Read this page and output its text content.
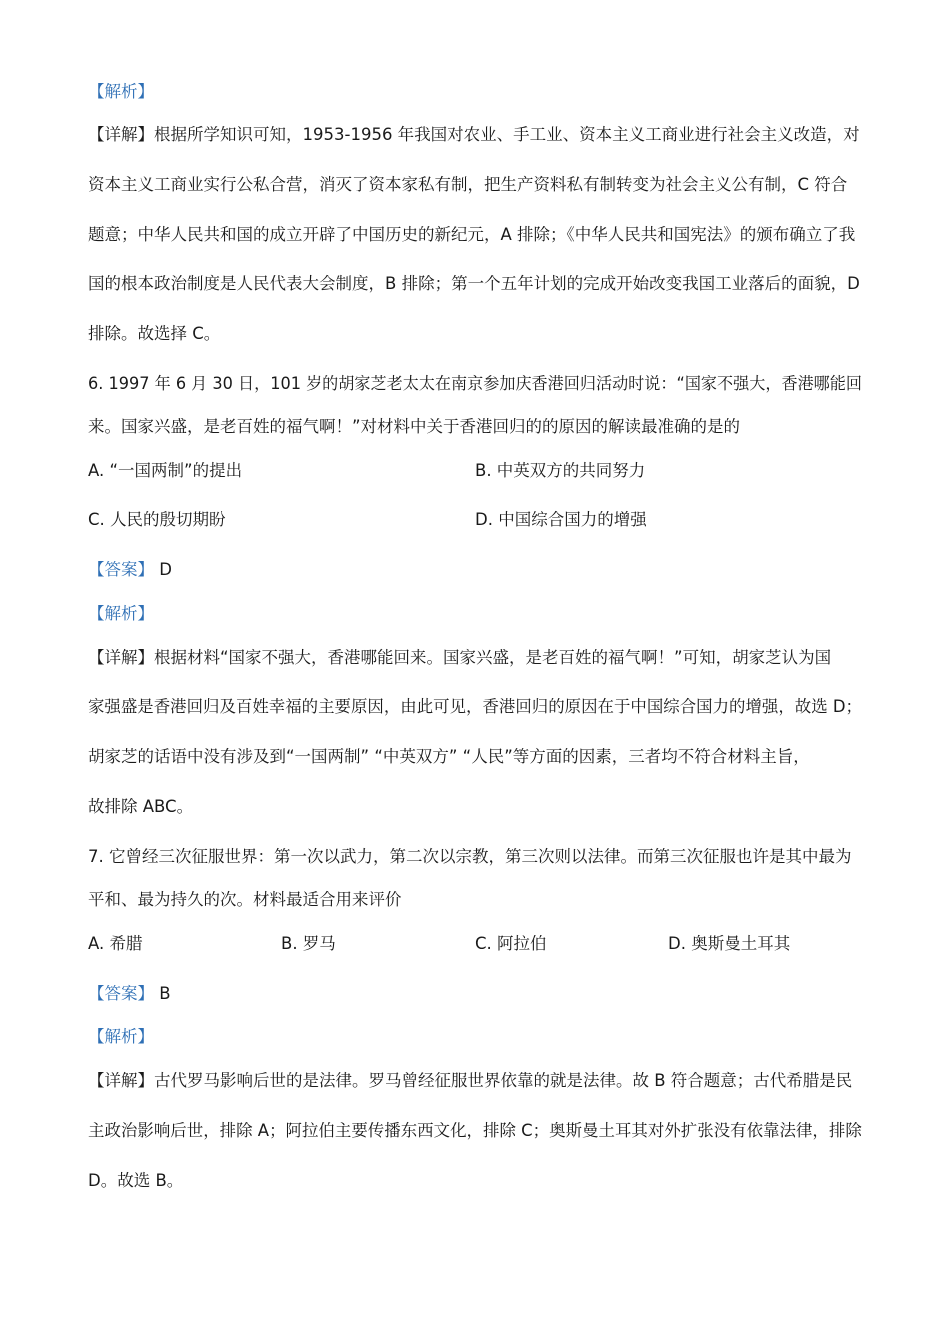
【解析】
【详解】根据所学知识可知，1953-1956 年我国对农业、手工业、资本主义工商业进行社会主义改造，对
资本主义工商业实行公私合营，消灭了资本家私有制，把生产资料私有制转变为社会主义公有制，C 符合
题意；中华人民共和国的成立开辟了中国历史的新纪元，A 排除；《中华人民共和国宪法》的颁布确立了我
国的根本政治制度是人民代表大会制度，B 排除；第一个五年计划的完成开始改变我国工业落后的面貌，D
排除。故选择 C。
6. 1997 年 6 月 30 日，101 岁的胡家芝老太太在南京参加庆香港回归活动时说：“国家不强大，香港哪能回
来。国家兴盛，是老百姓的福气啊！”对材料中关于香港回归的的原因的解读最准确的是的
A. “一国两制”的提出	B. 中英双方的共同努力
C. 人民的殷切期盼	D. 中国综合国力的增强
【答案】 D
【解析】
【详解】根据材料“国家不强大，香港哪能回来。国家兴盛，是老百姓的福气啊！”可知，胡家芝认为国
家强盛是香港回归及百姓幸福的主要原因，由此可见，香港回归的原因在于中国综合国力的增强，故选 D；
胡家芝的话语中没有涉及到“一国两制” “中英双方” “人民”等方面的因素，三者均不符合材料主旨，
故排除 ABC。
7. 它曾经三次征服世界：第一次以武力，第二次以宗教，第三次则以法律。而第三次征服也许是其中最为
平和、最为持久的次。材料最适合用来评价
A. 希腊	B. 罗马	C. 阿拉伯	D. 奥斯曼土耳其
【答案】 B
【解析】
【详解】古代罗马影响后世的是法律。罗马曾经征服世界依靠的就是法律。故 B 符合题意；古代希腊是民
主政治影响后世，排除 A；阿拉伯主要传播东西文化，排除 C；奥斯曼土耳其对外扩张没有依靠法律，排除
D。故选 B。
